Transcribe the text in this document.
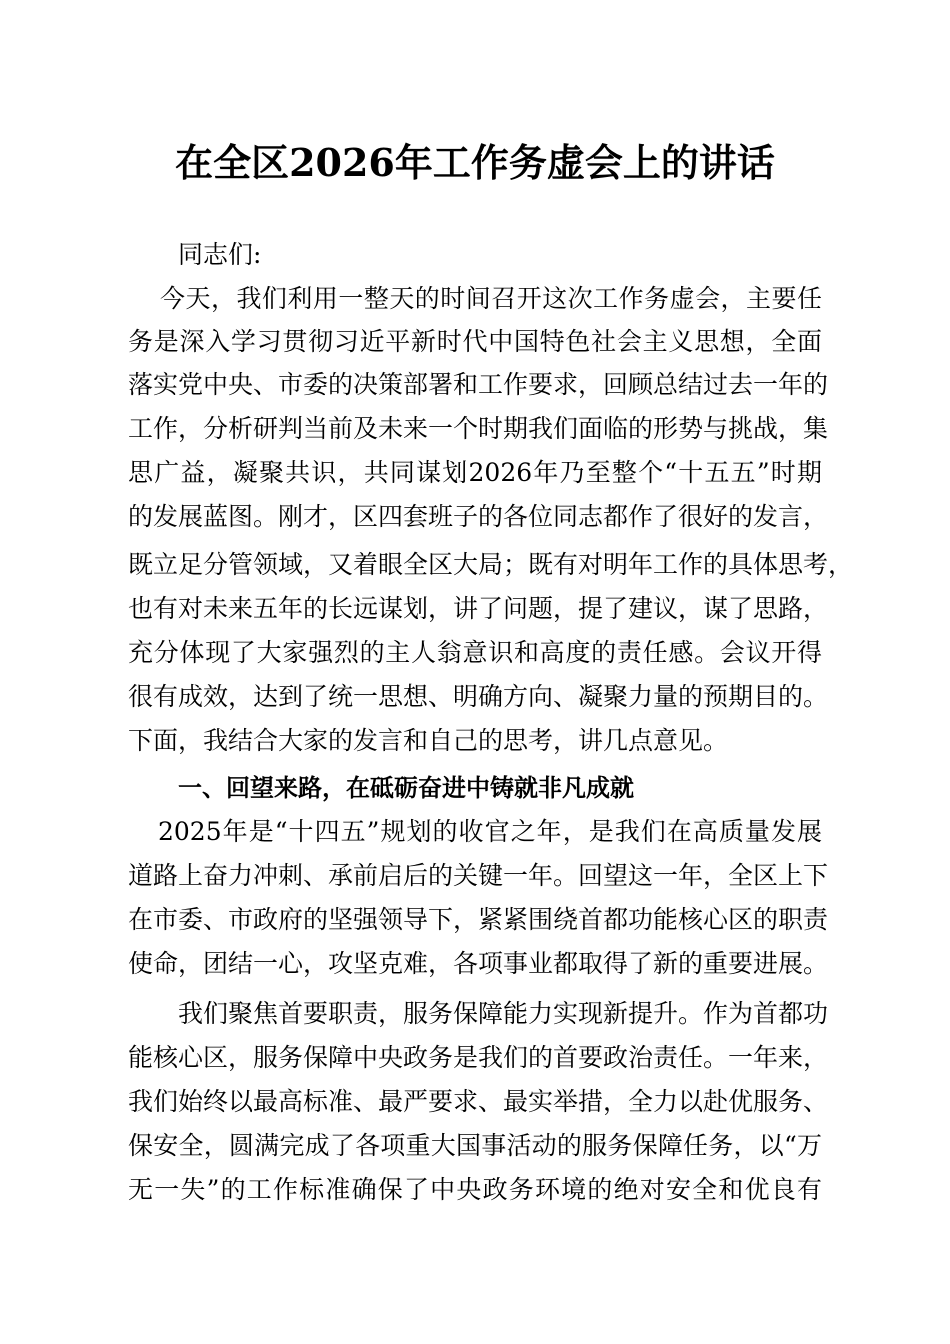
在全区2026年工作务虚会上的讲话
同志们:
今天，我们利用一整天的时间召开这次工作务虚会，主要任
务是深入学习贯彻习近平新时代中国特色社会主义思想，全面
落实党中央、市委的决策部署和工作要求，回顾总结过去一年的
工作，分析研判当前及未来一个时期我们面临的形势与挑战，集
思广益，凝聚共识，共同谋划2026年乃至整个“十五五”时期
的发展蓝图。刚才，区四套班子的各位同志都作了很好的发言，
既立足分管领域，又着眼全区大局；既有对明年工作的具体思考，
也有对未来五年的长远谋划，讲了问题，提了建议，谋了思路，
充分体现了大家强烈的主人翁意识和高度的责任感。会议开得
很有成效，达到了统一思想、明确方向、凝聚力量的预期目的。
下面，我结合大家的发言和自己的思考，讲几点意见。
一、回望来路，在砥砺奋进中铸就非凡成就
2025年是“十四五”规划的收官之年，是我们在高质量发展
道路上奋力冲刺、承前启后的关键一年。回望这一年，全区上下
在市委、市政府的坚强领导下，紧紧围绕首都功能核心区的职责
使命，团结一心，攻坚克难，各项事业都取得了新的重要进展。
我们聚焦首要职责，服务保障能力实现新提升。作为首都功
能核心区，服务保障中央政务是我们的首要政治责任。一年来，
我们始终以最高标准、最严要求、最实举措，全力以赴优服务、
保安全，圆满完成了各项重大国事活动的服务保障任务，以“万
无一失”的工作标准确保了中央政务环境的绝对安全和优良有
